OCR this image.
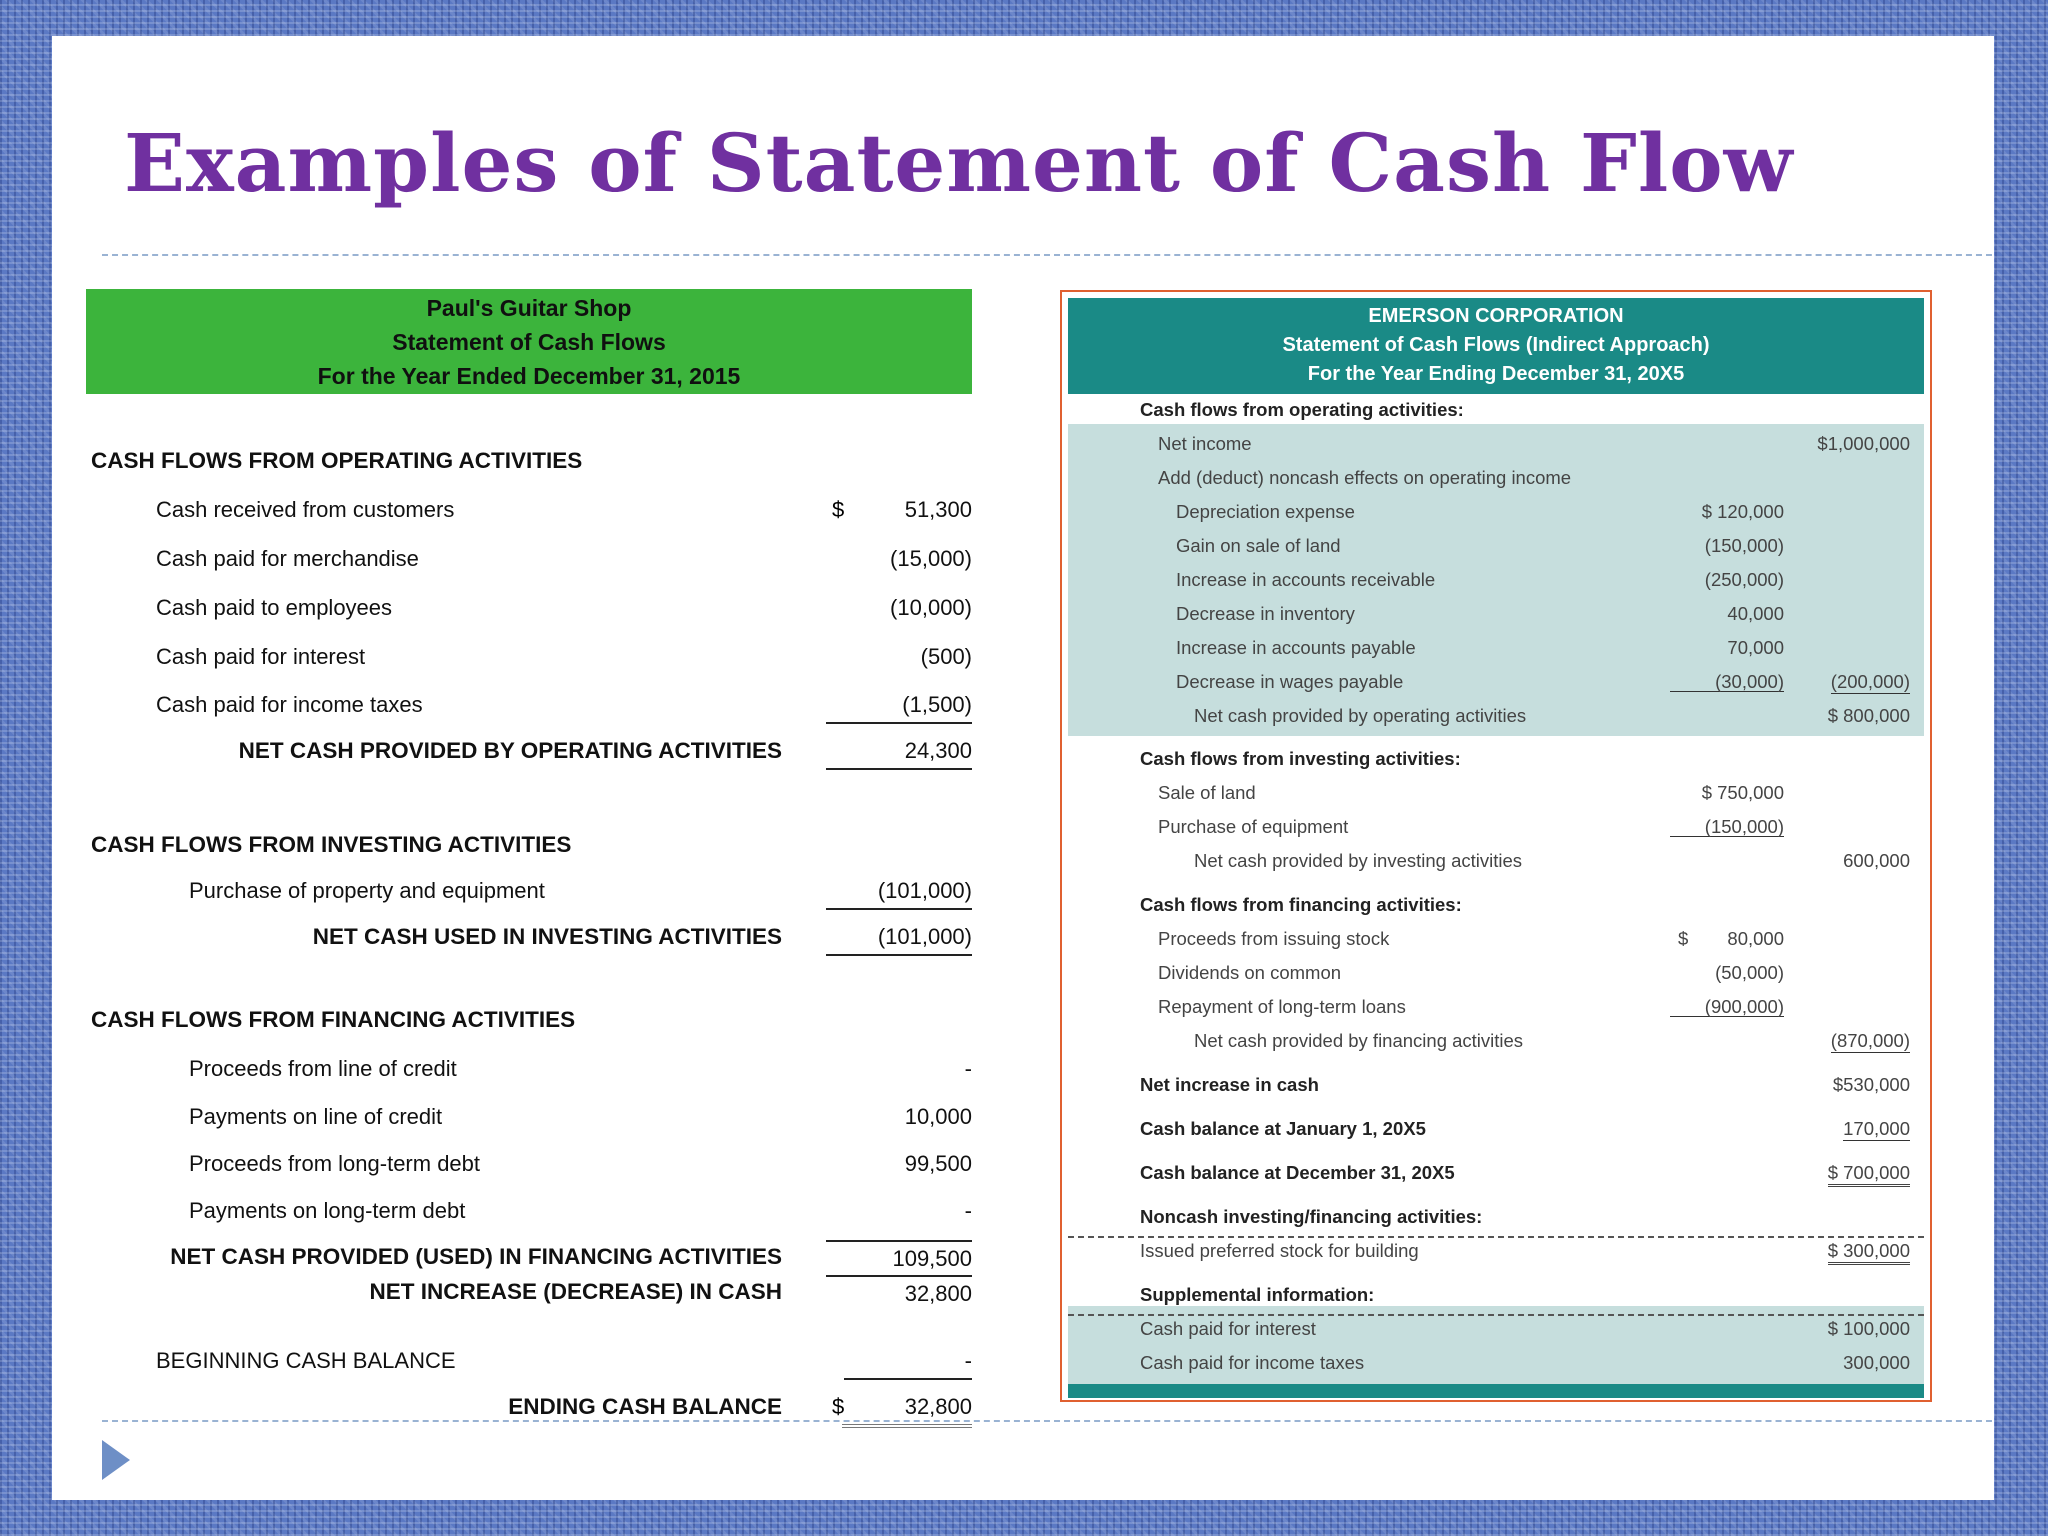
Examples of Statement of Cash Flow
Paul's Guitar Shop
Statement of Cash Flows
For the Year Ended December 31, 2015
CASH FLOWS FROM OPERATING ACTIVITIES
Cash received from customers	$	51,300
Cash paid for merchandise	(15,000)
Cash paid to employees	(10,000)
Cash paid for interest	(500)
Cash paid for income taxes	(1,500)
NET CASH PROVIDED BY OPERATING ACTIVITIES	24,300
CASH FLOWS FROM INVESTING ACTIVITIES
Purchase of property and equipment	(101,000)
NET CASH USED IN INVESTING ACTIVITIES	(101,000)
CASH FLOWS FROM FINANCING ACTIVITIES
Proceeds from line of credit	-
Payments on line of credit	10,000
Proceeds from long-term debt	99,500
Payments on long-term debt	-
NET CASH PROVIDED (USED) IN FINANCING ACTIVITIES	109,500
NET INCREASE (DECREASE) IN CASH	32,800
BEGINNING CASH BALANCE	-
ENDING CASH BALANCE $	32,800
EMERSON CORPORATION
Statement of Cash Flows (Indirect Approach)
For the Year Ending December 31, 20X5
Cash flows from operating activities:
Net income	$1,000,000
Add (deduct) noncash effects on operating income
Depreciation expense	$ 120,000
Gain on sale of land	(150,000)
Increase in accounts receivable	(250,000)
Decrease in inventory	40,000
Increase in accounts payable	70,000
Decrease in wages payable	(30,000)	(200,000)
Net cash provided by operating activities	$ 800,000
Cash flows from investing activities:
Sale of land	$ 750,000
Purchase of equipment	(150,000)
Net cash provided by investing activities	600,000
Cash flows from financing activities:
Proceeds from issuing stock	$	80,000
Dividends on common	(50,000)
Repayment of long-term loans	(900,000)
Net cash provided by financing activities	(870,000)
Net increase in cash	$530,000
Cash balance at January 1, 20X5	170,000
Cash balance at December 31, 20X5	$ 700,000
Noncash investing/financing activities:
Issued preferred stock for building	$ 300,000
Supplemental information:
Cash paid for interest	$ 100,000
Cash paid for income taxes	300,000
